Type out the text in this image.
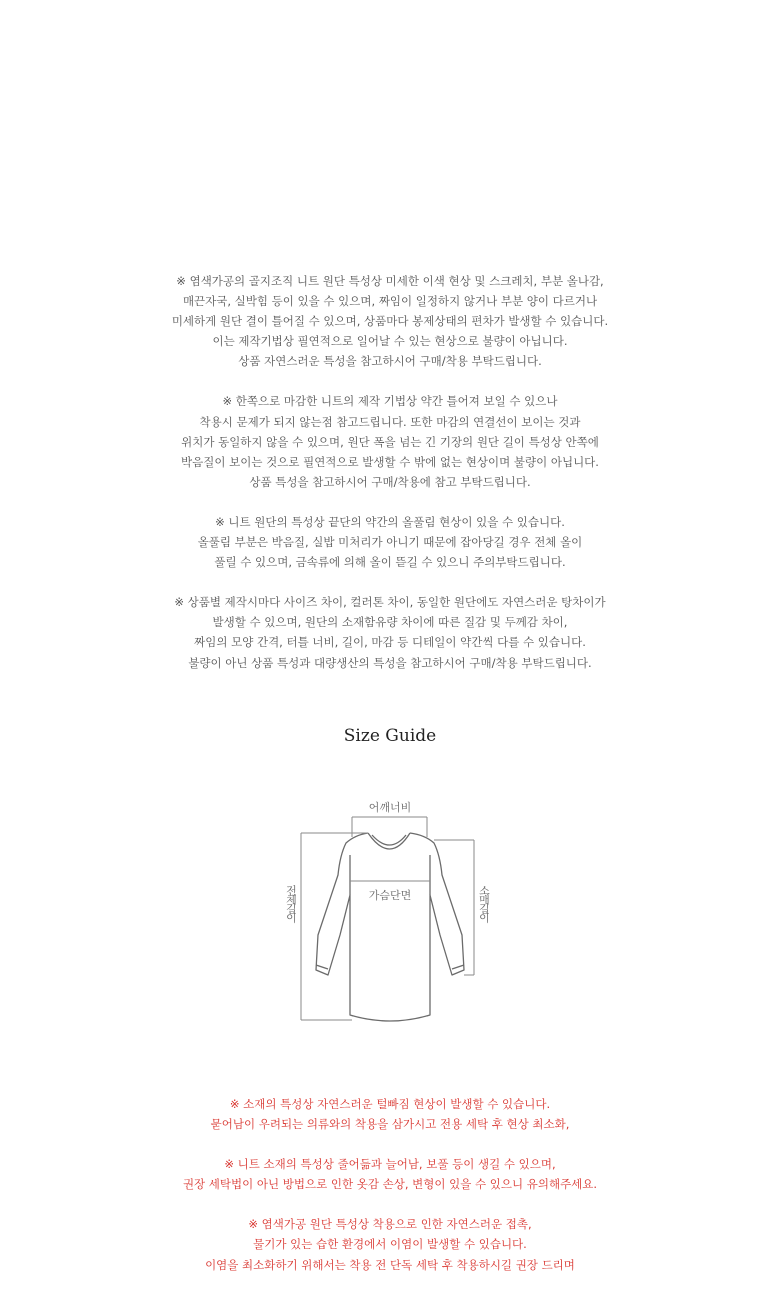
※ 염색가공의 골지조직 니트 원단 특성상 미세한 이색 현상 및 스크레치, 부분 올나감,
매끈자국, 실박힘 등이 있을 수 있으며, 짜임이 일정하지 않거나 부분 양이 다르거나
미세하게 원단 결이 틀어질 수 있으며, 상품마다 봉제상태의 편차가 발생할 수 있습니다.
이는 제작기법상 필연적으로 일어날 수 있는 현상으로 불량이 아닙니다.
상품 자연스러운 특성을 참고하시어 구매/착용 부탁드립니다.
※ 한쪽으로 마감한 니트의 제작 기법상 약간 틀어져 보일 수 있으나
착용시 문제가 되지 않는점 참고드립니다. 또한 마감의 연결선이 보이는 것과
위치가 동일하지 않을 수 있으며, 원단 폭을 넘는 긴 기장의 원단 길이 특성상 안쪽에
박음질이 보이는 것으로 필연적으로 발생할 수 밖에 없는 현상이며 불량이 아닙니다.
상품 특성을 참고하시어 구매/착용에 참고 부탁드립니다.
※ 니트 원단의 특성상 끝단의 약간의 올풀림 현상이 있을 수 있습니다.
올풀림 부분은 박음질, 실밥 미처리가 아니기 때문에 잡아당길 경우 전체 올이
풀릴 수 있으며, 금속류에 의해 올이 뜯길 수 있으니 주의부탁드립니다.
※ 상품별 제작시마다 사이즈 차이, 컬러톤 차이, 동일한 원단에도 자연스러운 탕차이가
발생할 수 있으며, 원단의 소재함유량 차이에 따른 질감 및 두께감 차이,
짜임의 모양 간격, 터틀 너비, 길이, 마감 등 디테일이 약간씩 다를 수 있습니다.
불량이 아닌 상품 특성과 대량생산의 특성을 참고하시어 구매/착용 부탁드립니다.
Size Guide
어깨너비
가슴단면
전체길이	소매길이
※ 소재의 특성상 자연스러운 털빠짐 현상이 발생할 수 있습니다.
묻어남이 우려되는 의류와의 착용을 삼가시고 전용 세탁 후 현상 최소화,
※ 니트 소재의 특성상 줄어듦과 늘어남, 보풀 등이 생길 수 있으며,
권장 세탁법이 아닌 방법으로 인한 옷감 손상, 변형이 있을 수 있으니 유의해주세요.
※ 염색가공 원단 특성상 착용으로 인한 자연스러운 접촉,
물기가 있는 습한 환경에서 이염이 발생할 수 있습니다.
이염을 최소화하기 위해서는 착용 전 단독 세탁 후 착용하시길 권장 드리며
